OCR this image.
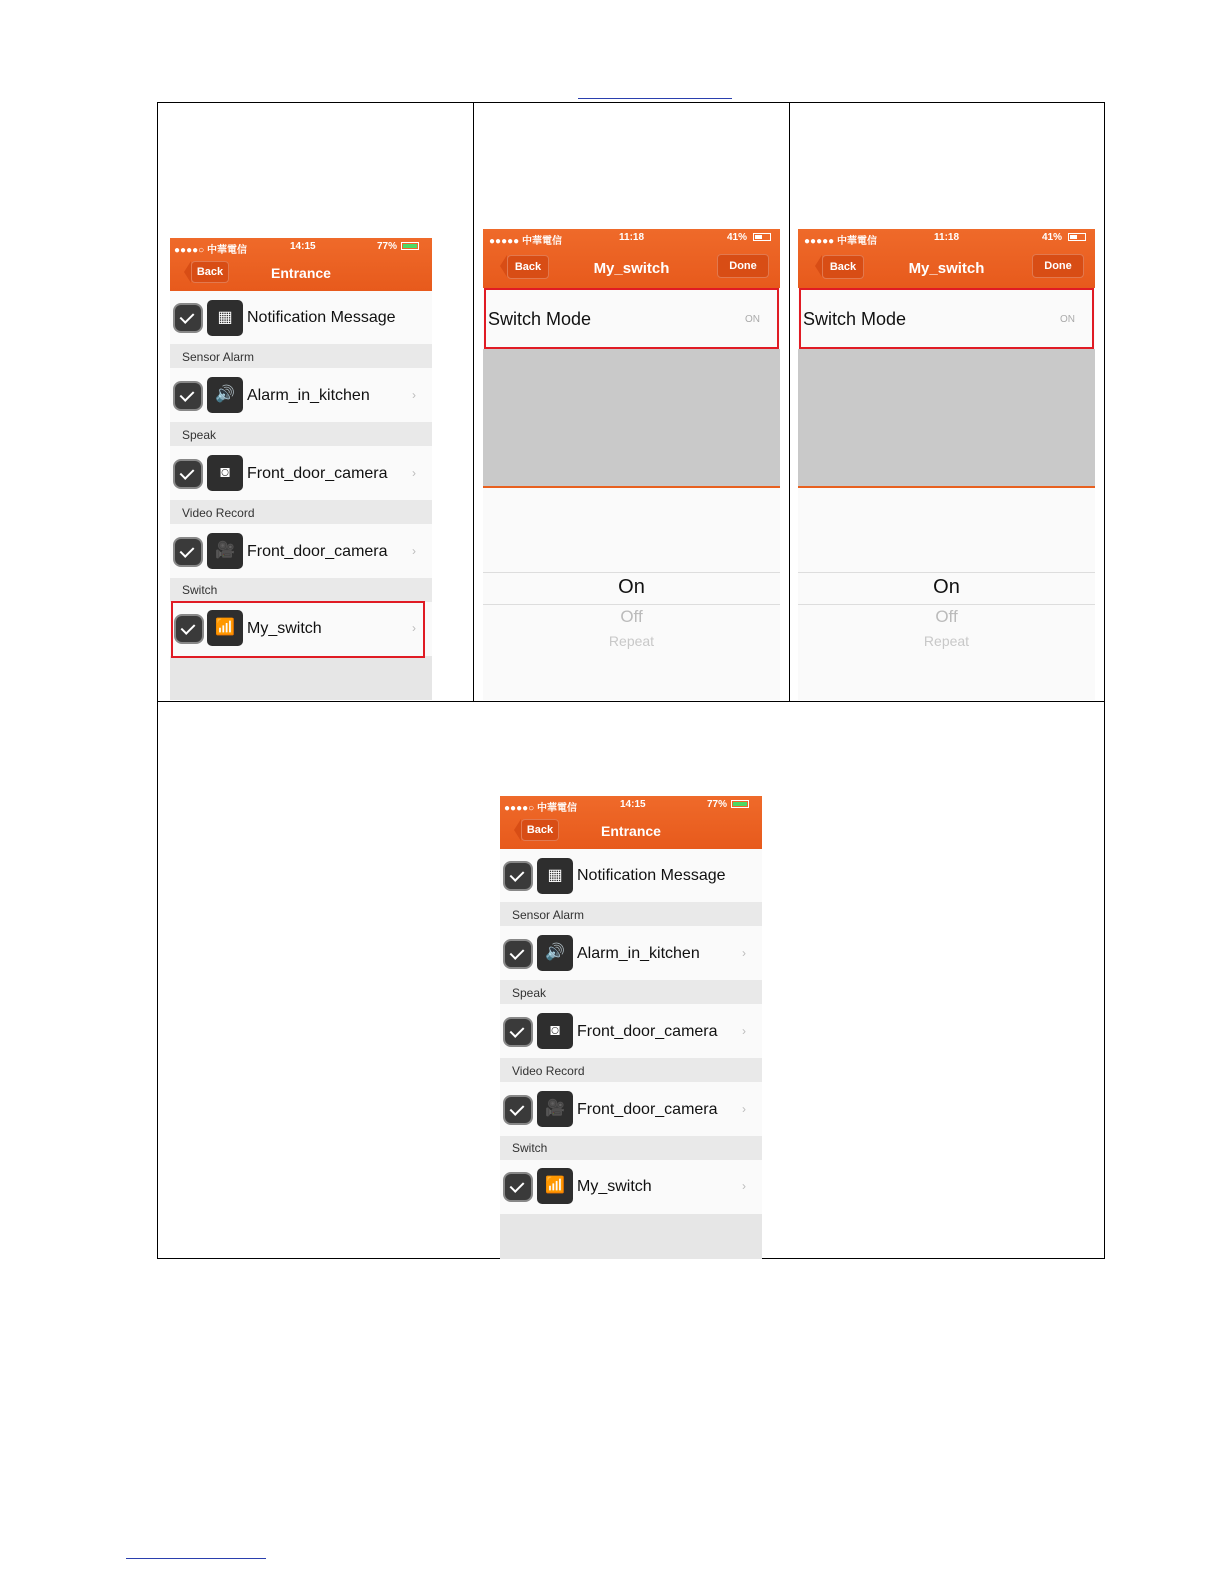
●●●●○ 中華電信	14:15	77%
Back	Entrance
▦ Notification Message
Sensor Alarm
🔊 Alarm_in_kitchen	›
Speak
◙	Front_door_camera ›
Video Record
🎥 Front_door_camera ›
Switch
📶 My_switch	›
●●●●● 中華電信	11:18	41%
Back	My_switch	Done
Switch Mode	ON
On
Off
Repeat
●●●●● 中華電信	11:18	41%
Back	My_switch	Done
Switch Mode	ON
On
Off
Repeat
●●●●○ 中華電信	14:15	77%
Back	Entrance
▦ Notification Message
Sensor Alarm
🔊 Alarm_in_kitchen	›
Speak
◙	Front_door_camera ›
Video Record
🎥 Front_door_camera ›
Switch
📶 My_switch	›
